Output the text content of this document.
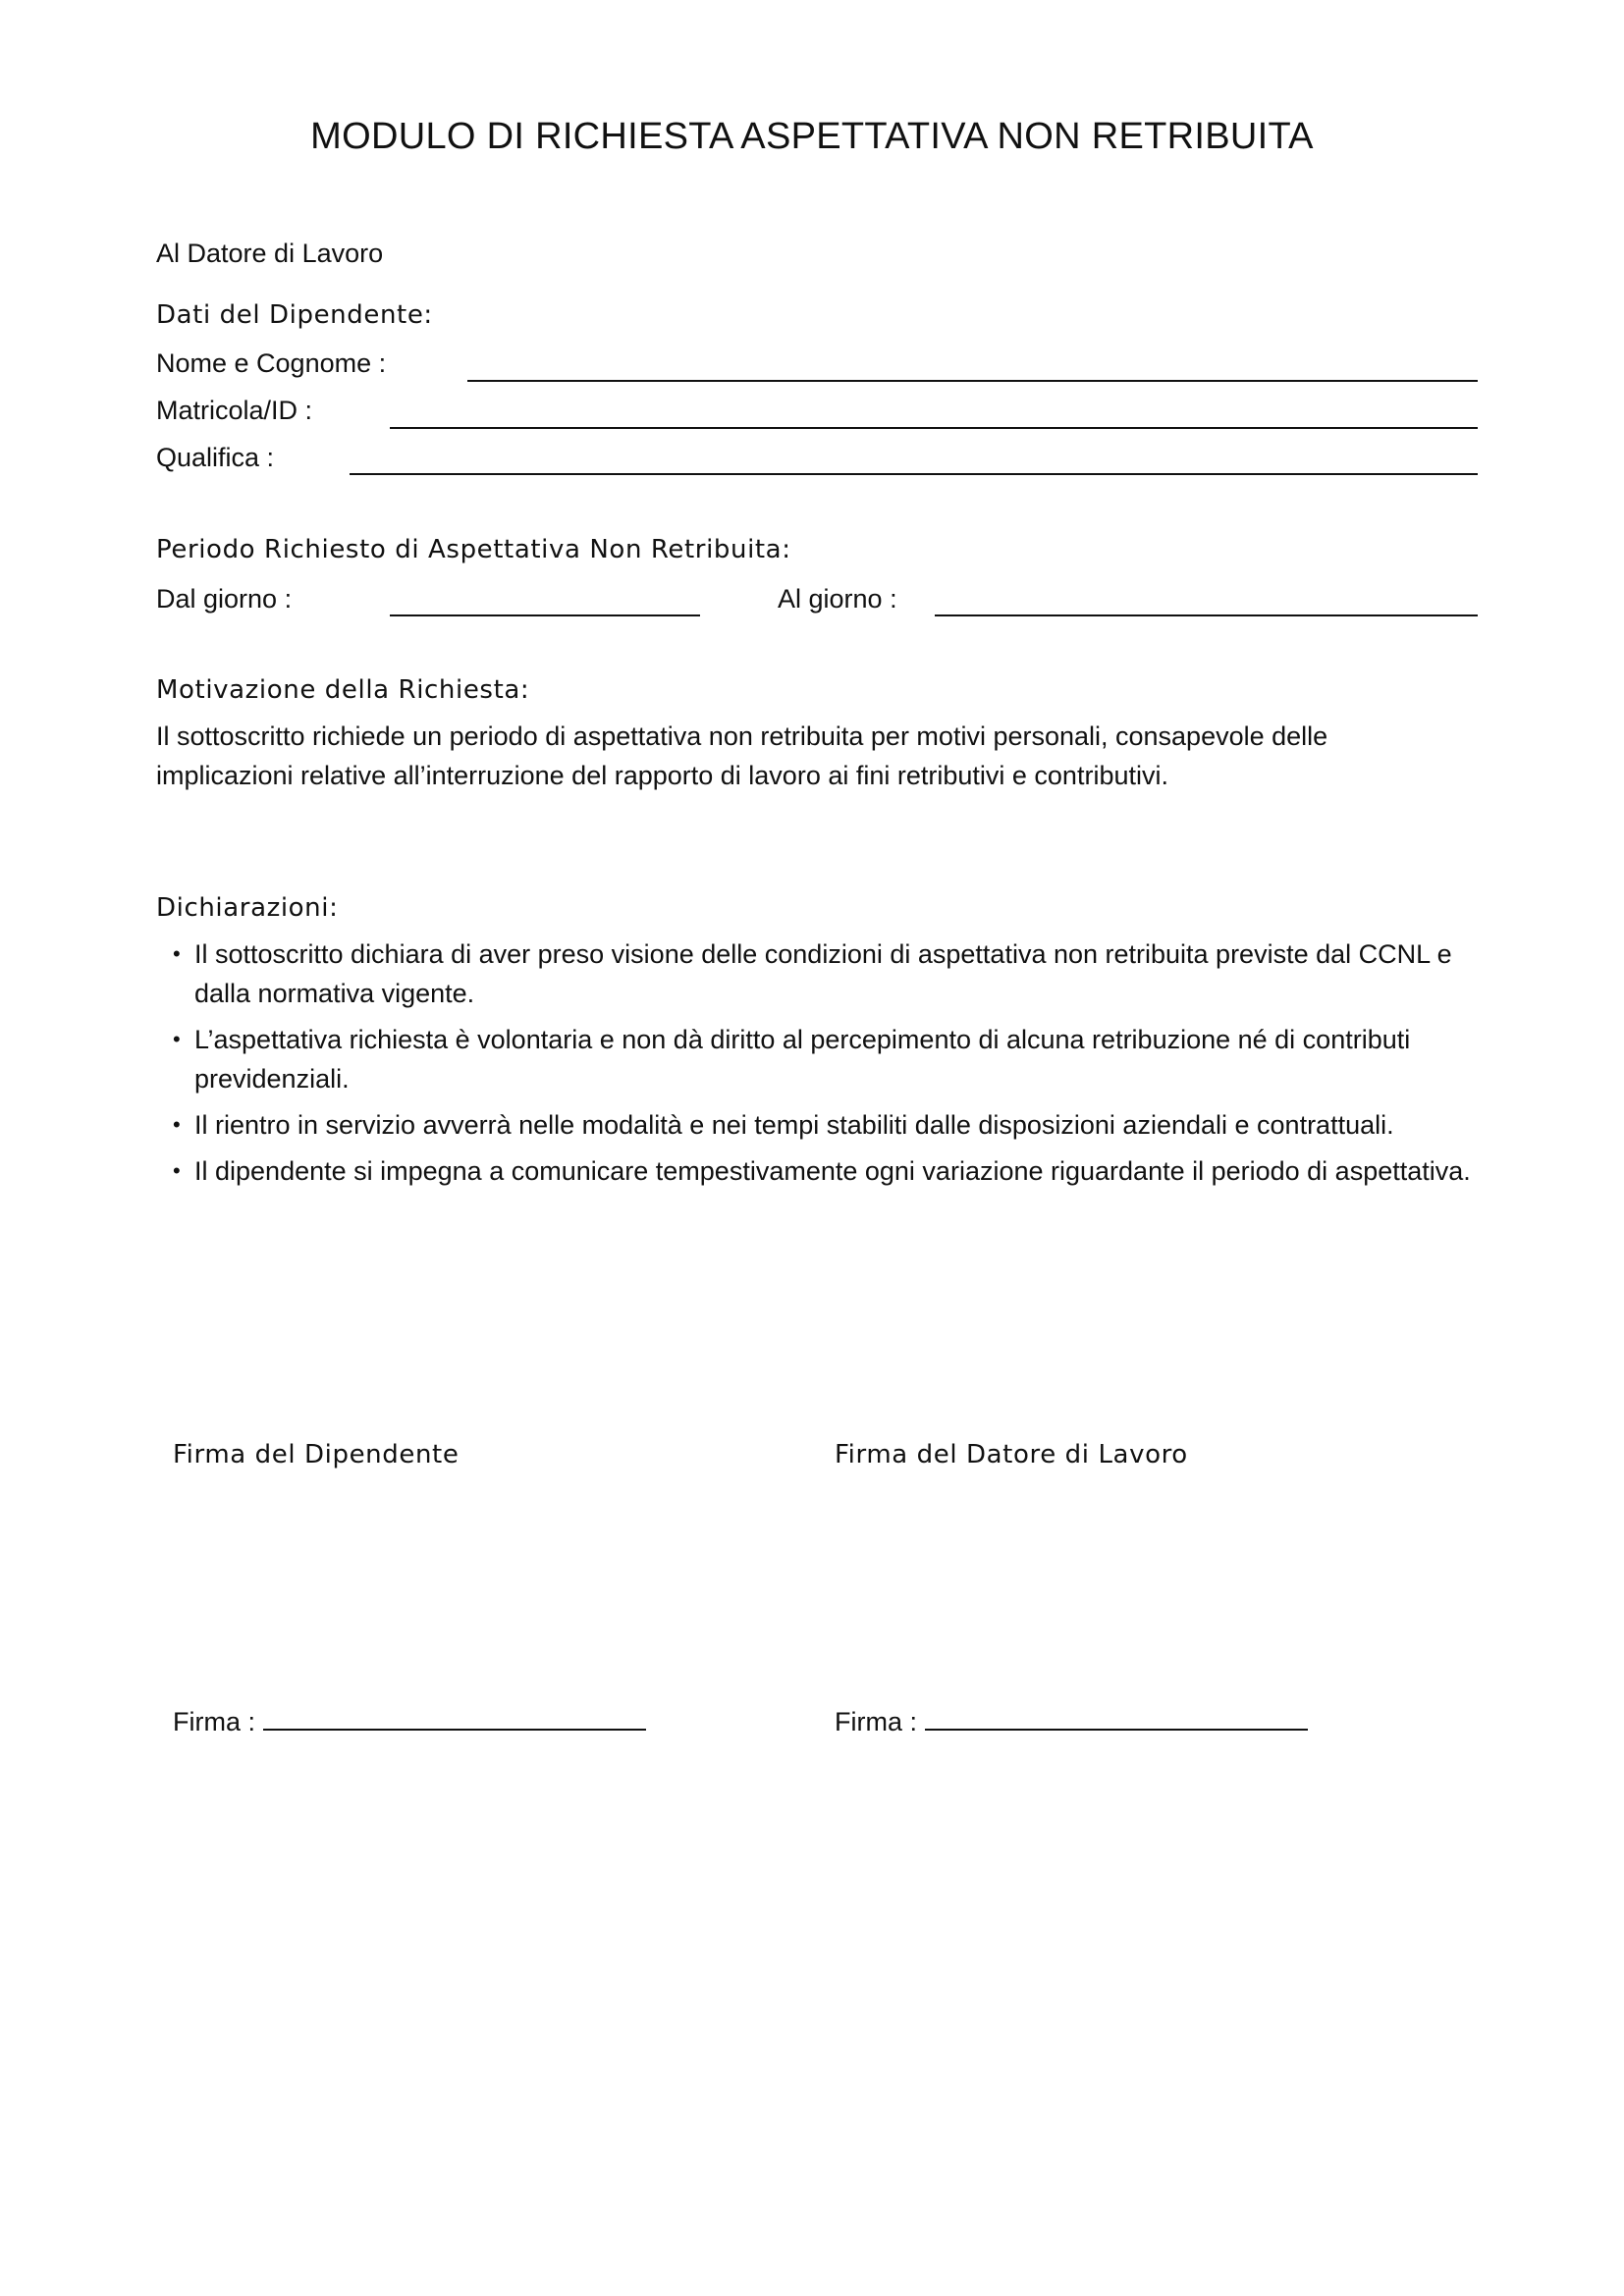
MODULO DI RICHIESTA ASPETTATIVA NON RETRIBUITA
Al Datore di Lavoro
Dati del Dipendente:
Nome e Cognome :
Matricola/ID :
Qualifica :
Periodo Richiesto di Aspettativa Non Retribuita:
Dal giorno :	Al giorno :
Motivazione della Richiesta:
Il sottoscritto richiede un periodo di aspettativa non retribuita per motivi personali, consapevole delle implicazioni relative all’interruzione del rapporto di lavoro ai fini retributivi e contributivi.
Dichiarazioni:
• Il sottoscritto dichiara di aver preso visione delle condizioni di aspettativa non retribuita previste dal CCNL e dalla normativa vigente.
• L’aspettativa richiesta è volontaria e non dà diritto al percepimento di alcuna retribuzione né di contributi previdenziali.
• Il rientro in servizio avverrà nelle modalità e nei tempi stabiliti dalle disposizioni aziendali e contrattuali.
• Il dipendente si impegna a comunicare tempestivamente ogni variazione riguardante il periodo di aspettativa.
Firma del Dipendente	Firma del Datore di Lavoro
Firma :	Firma :
